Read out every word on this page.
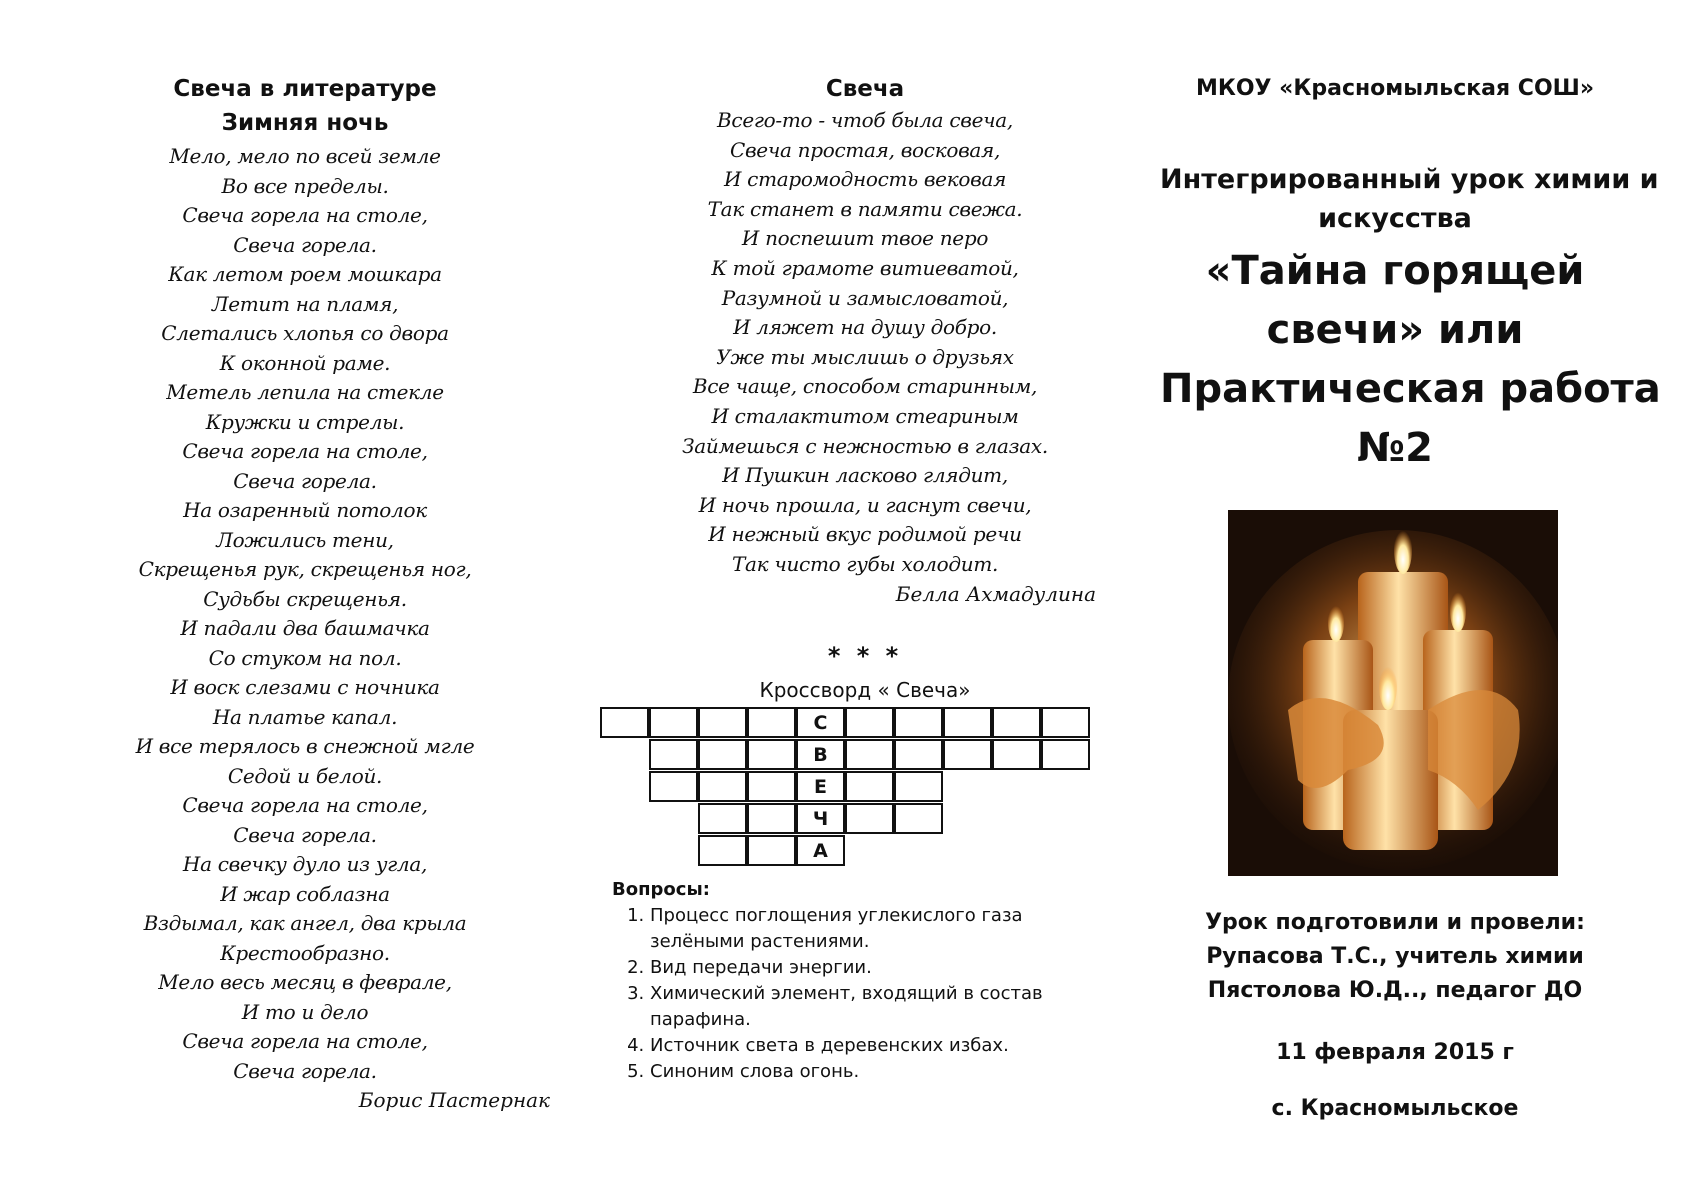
Свеча в литературе
Зимняя ночь
Мело, мело по всей земле
Во все пределы.
Свеча горела на столе,
Свеча горела.
Как летом роем мошкара
Летит на пламя,
Слетались хлопья со двора
К оконной раме.
Метель лепила на стекле
Кружки и стрелы.
Свеча горела на столе,
Свеча горела.
На озаренный потолок
Ложились тени,
Скрещенья рук, скрещенья ног,
Судьбы скрещенья.
И падали два башмачка
Со стуком на пол.
И воск слезами с ночника
На платье капал.
И все терялось в снежной мгле
Седой и белой.
Свеча горела на столе,
Свеча горела.
На свечку дуло из угла,
И жар соблазна
Вздымал, как ангел, два крыла
Крестообразно.
Мело весь месяц в феврале,
И то и дело
Свеча горела на столе,
Свеча горела.
Борис Пастернак
Свеча
Всего-то - чтоб была свеча,
Свеча простая, восковая,
И старомодность вековая
Так станет в памяти свежа.
И поспешит твое перо
К той грамоте витиеватой,
Разумной и замысловатой,
И ляжет на душу добро.
Уже ты мыслишь о друзьях
Все чаще, способом старинным,
И сталактитом стеариным
Займешься с нежностью в глазах.
И Пушкин ласково глядит,
И ночь прошла, и гаснут свечи,
И нежный вкус родимой речи
Так чисто губы холодит.
Белла Ахмадулина
* * *
Кроссворд « Свеча»
С
В
Е
Ч
А
Вопросы:
1. Процесс поглощения углекислого газа зелёными растениями.
2. Вид передачи энергии.
3. Химический элемент, входящий в состав парафина.
4. Источник света в деревенских избах.
5. Синоним слова огонь.
МКОУ «Красномыльская СОШ»
Интегрированный урок химии и
искусства
«Тайна горящей
свечи» или
Практическая работа
№2
Урок подготовили и провели:
Рупасова Т.С., учитель химии
Пястолова Ю.Д.., педагог ДО
11 февраля 2015 г
с. Красномыльское
